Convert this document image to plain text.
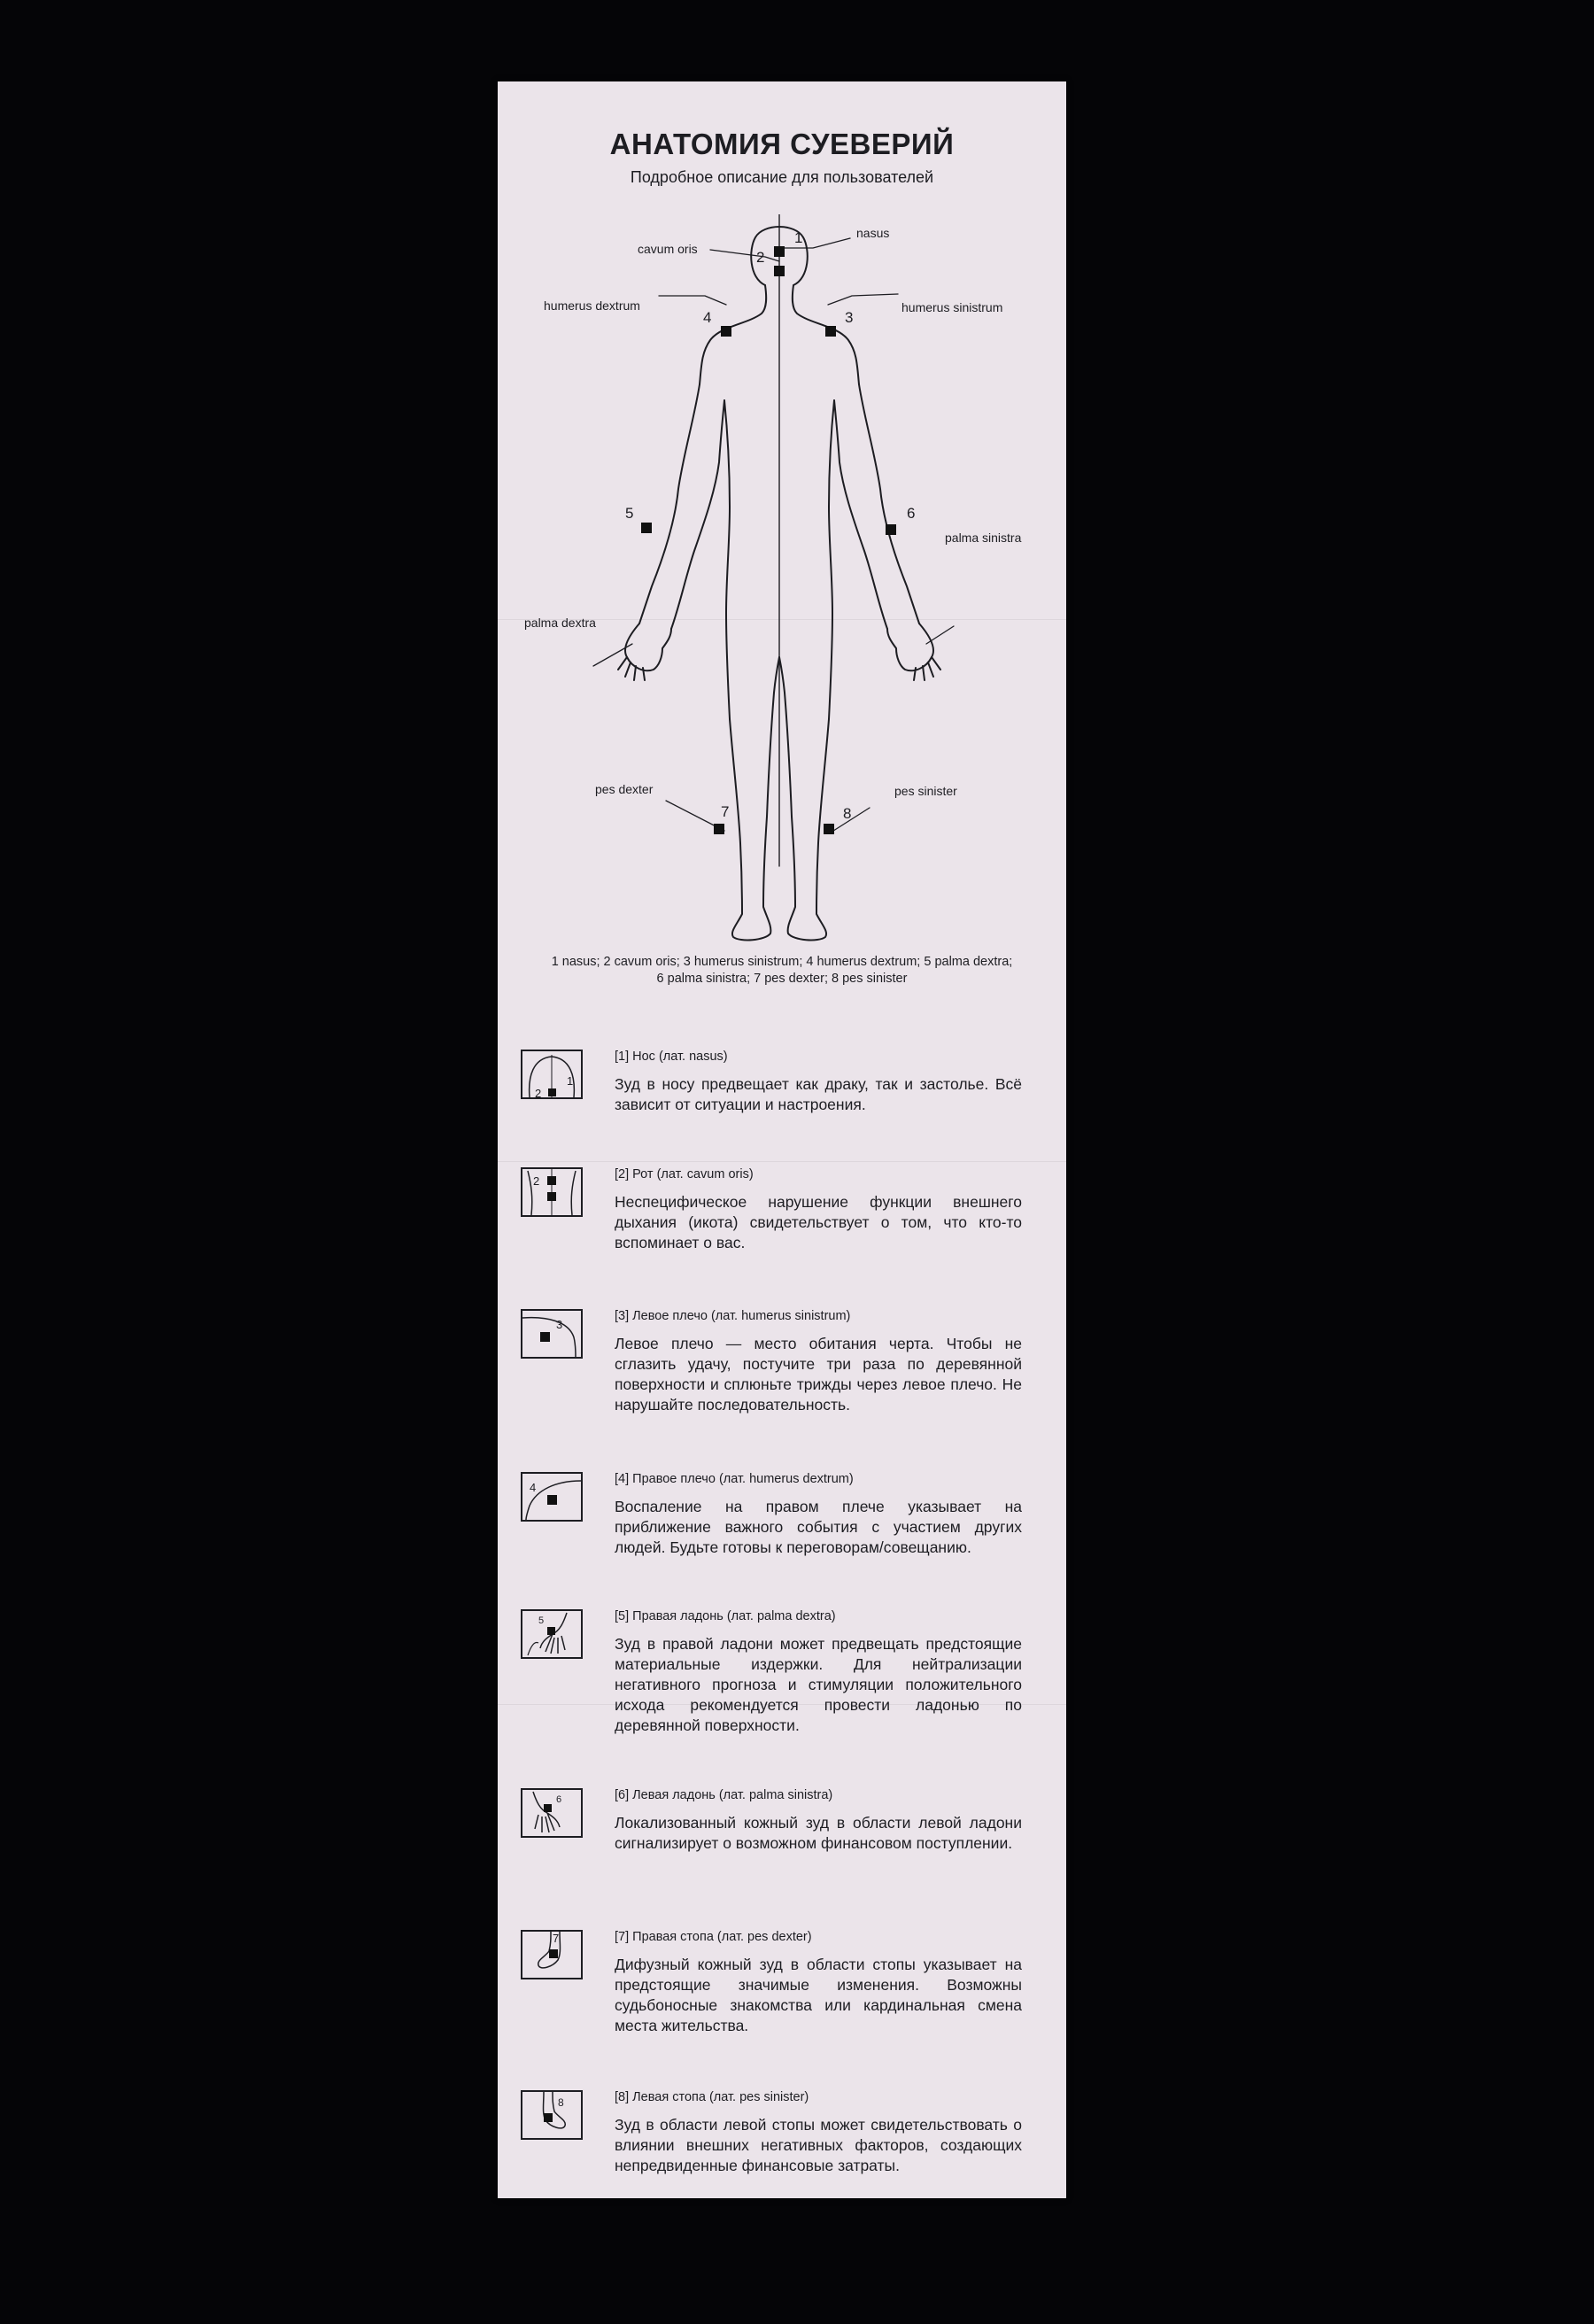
АНАТОМИЯ СУЕВЕРИЙ
Подробное описание для пользователей
1
2
3
4
5	6
7	8
nasus
cavum oris
humerus sinistrum
humerus dextrum
palma dextra
palma sinistra
pes dexter	pes sinister
1 nasus; 2 cavum oris; 3 humerus sinistrum; 4 humerus dextrum; 5 palma dextra;
6 palma sinistra; 7 pes dexter; 8 pes sinister
1
2
[1] Нос (лат. nasus)
Зуд в носу предвещает как драку, так и застолье. Всё зависит от ситуации и настроения.
2	[2] Рот (лат. cavum oris)
Неспецифическое нарушение функции внешнего дыхания (икота) свидетельствует о том, что кто-то вспоминает о вас.
3
[3] Левое плечо (лат. humerus sinistrum)
Левое плечо — место обитания черта. Чтобы не сглазить удачу, постучите три раза по деревянной поверхности и сплюньте трижды через левое плечо. Не нарушайте последовательность.
4
[4] Правое плечо (лат. humerus dextrum)
Воспаление на правом плече указывает на приближение важного события с участием других людей. Будьте готовы к переговорам/совещанию.
5	[5] Правая ладонь (лат. palma dextra)
Зуд в правой ладони может предвещать предстоящие материальные издержки. Для нейтрализации негативного прогноза и стимуляции положительного исхода рекомендуется провести ладонью по деревянной поверхности.
6	[6] Левая ладонь (лат. palma sinistra)
Локализованный кожный зуд в области левой ладони сигнализирует о возможном финансовом поступлении.
7	[7] Правая стопа (лат. pes dexter)
Дифузный кожный зуд в области стопы указывает на предстоящие значимые изменения. Возможны судьбоносные знакомства или кардинальная смена места жительства.
8	[8] Левая стопа (лат. pes sinister)
Зуд в области левой стопы может свидетельствовать о влиянии внешних негативных факторов, создающих непредвиденные финансовые затраты.
